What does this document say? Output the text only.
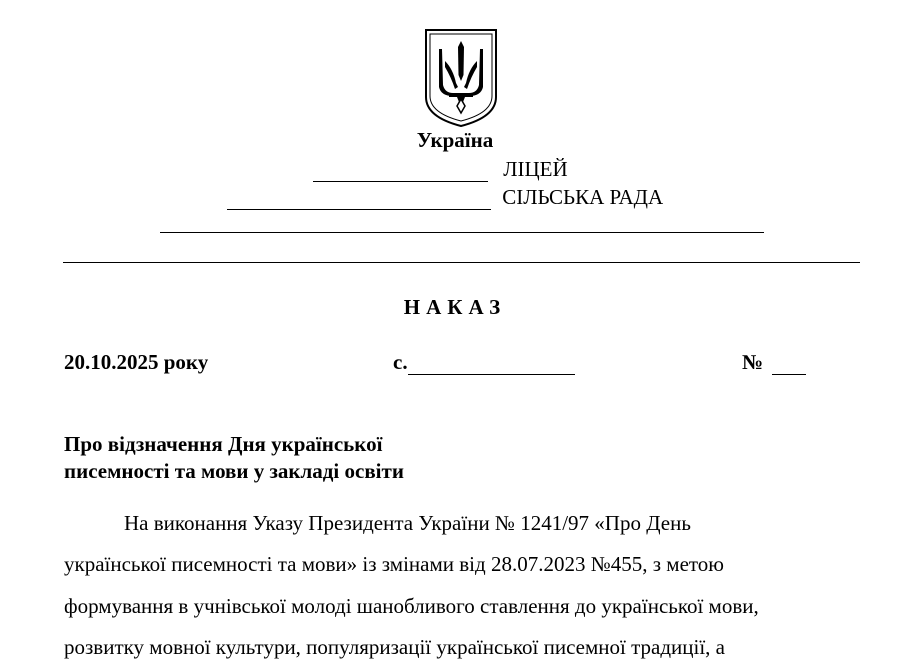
Україна
ЛІЦЕЙ
СІЛЬСЬКА РАДА
НАКАЗ
20.10.2025 року	с.	№
Про відзначення Дня української
писемності та мови у закладі освіти
На виконання Указу Президента України № 1241/97 «Про День
української писемності та мови» із змінами від 28.07.2023 №455, з метою
формування в учнівської молоді шанобливого ставлення до української мови,
розвитку мовної культури, популяризації української писемної традиції, а
